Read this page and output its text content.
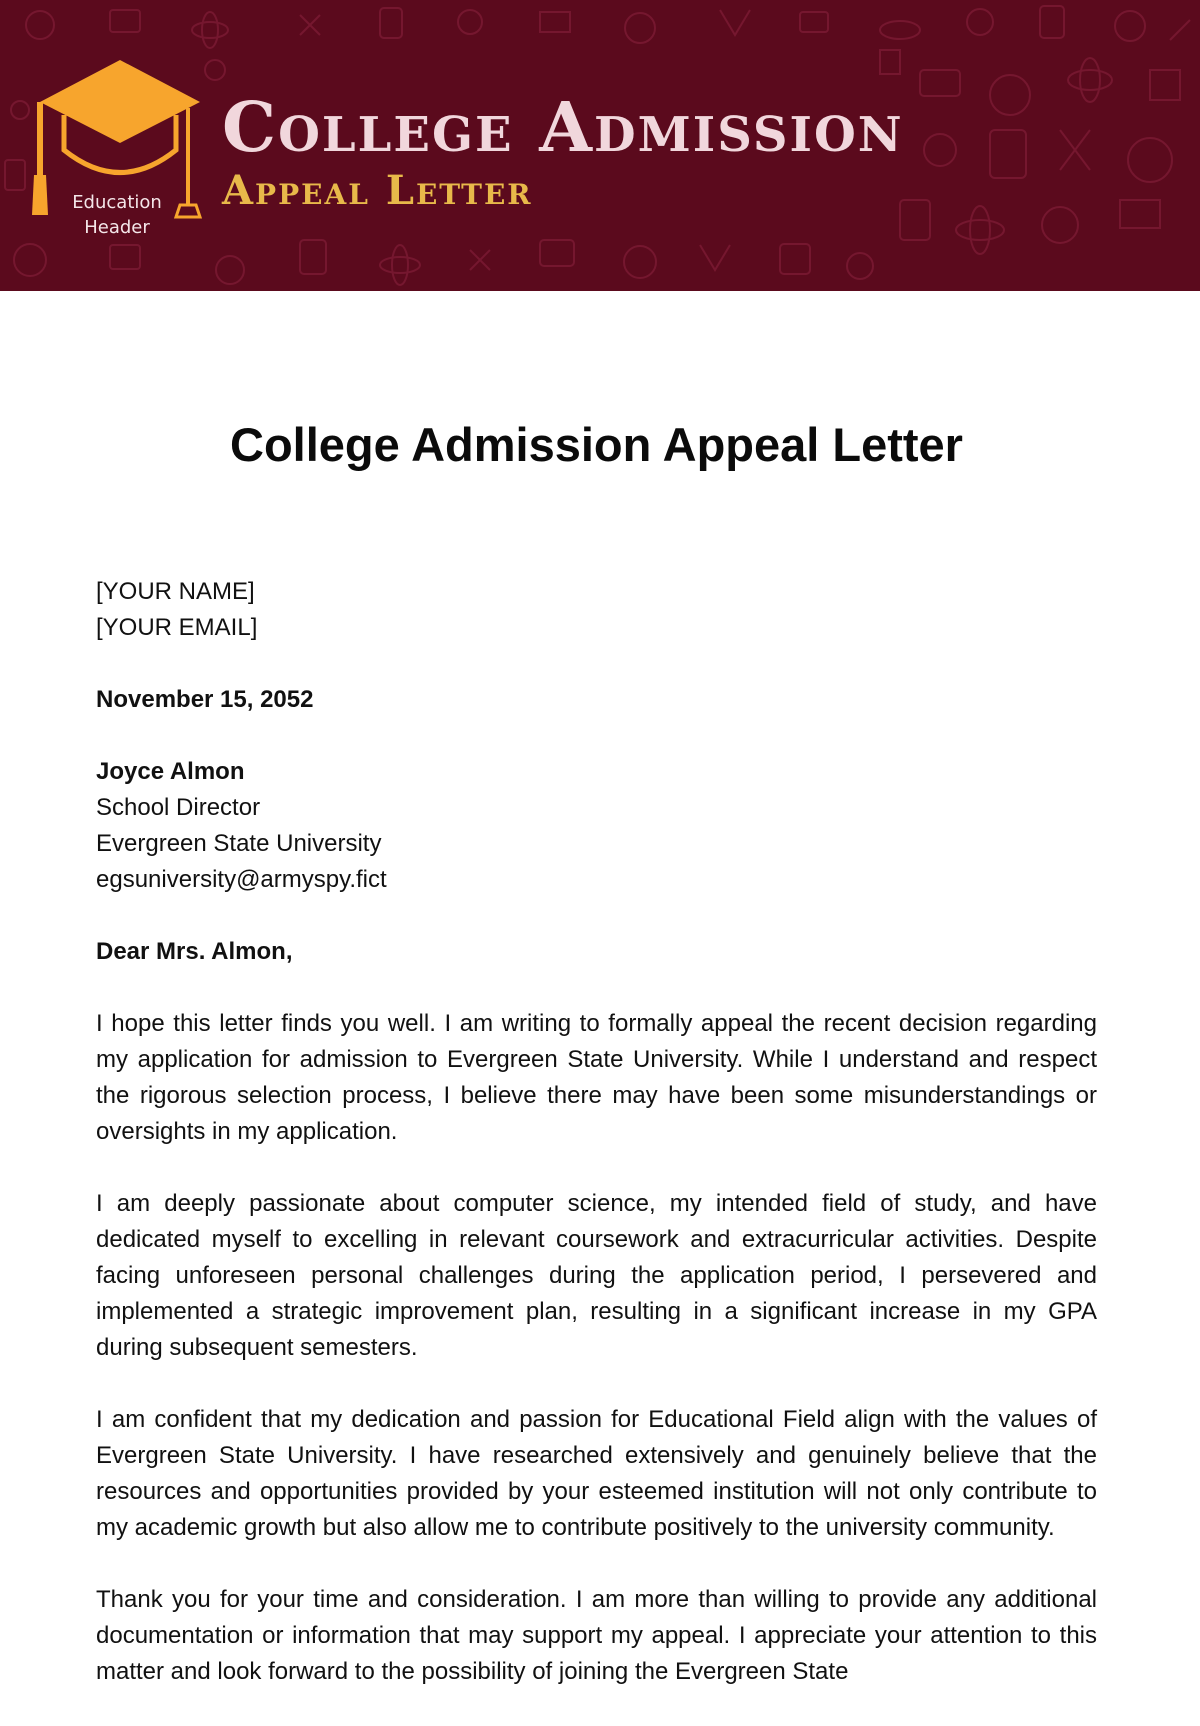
Education
Header
College Admission
Appeal Letter
College Admission Appeal Letter

[YOUR NAME]

[YOUR EMAIL]

November 15, 2052

Joyce Almon

School Director

Evergreen State University

egsuniversity@armyspy.fict

Dear Mrs. Almon,

I hope this letter finds you well. I am writing to formally appeal the recent decision regarding my application for admission to Evergreen State University. While I understand and respect the rigorous selection process, I believe there may have been some misunderstandings or oversights in my application.

I am deeply passionate about computer science, my intended field of study, and have dedicated myself to excelling in relevant coursework and extracurricular activities. Despite facing unforeseen personal challenges during the application period, I persevered and implemented a strategic improvement plan, resulting in a significant increase in my GPA during subsequent semesters.

I am confident that my dedication and passion for Educational Field align with the values of Evergreen State University. I have researched extensively and genuinely believe that the resources and opportunities provided by your esteemed institution will not only contribute to my academic growth but also allow me to contribute positively to the university community.

Thank you for your time and consideration. I am more than willing to provide any additional documentation or information that may support my appeal. I appreciate your attention to this matter and look forward to the possibility of joining the Evergreen State
